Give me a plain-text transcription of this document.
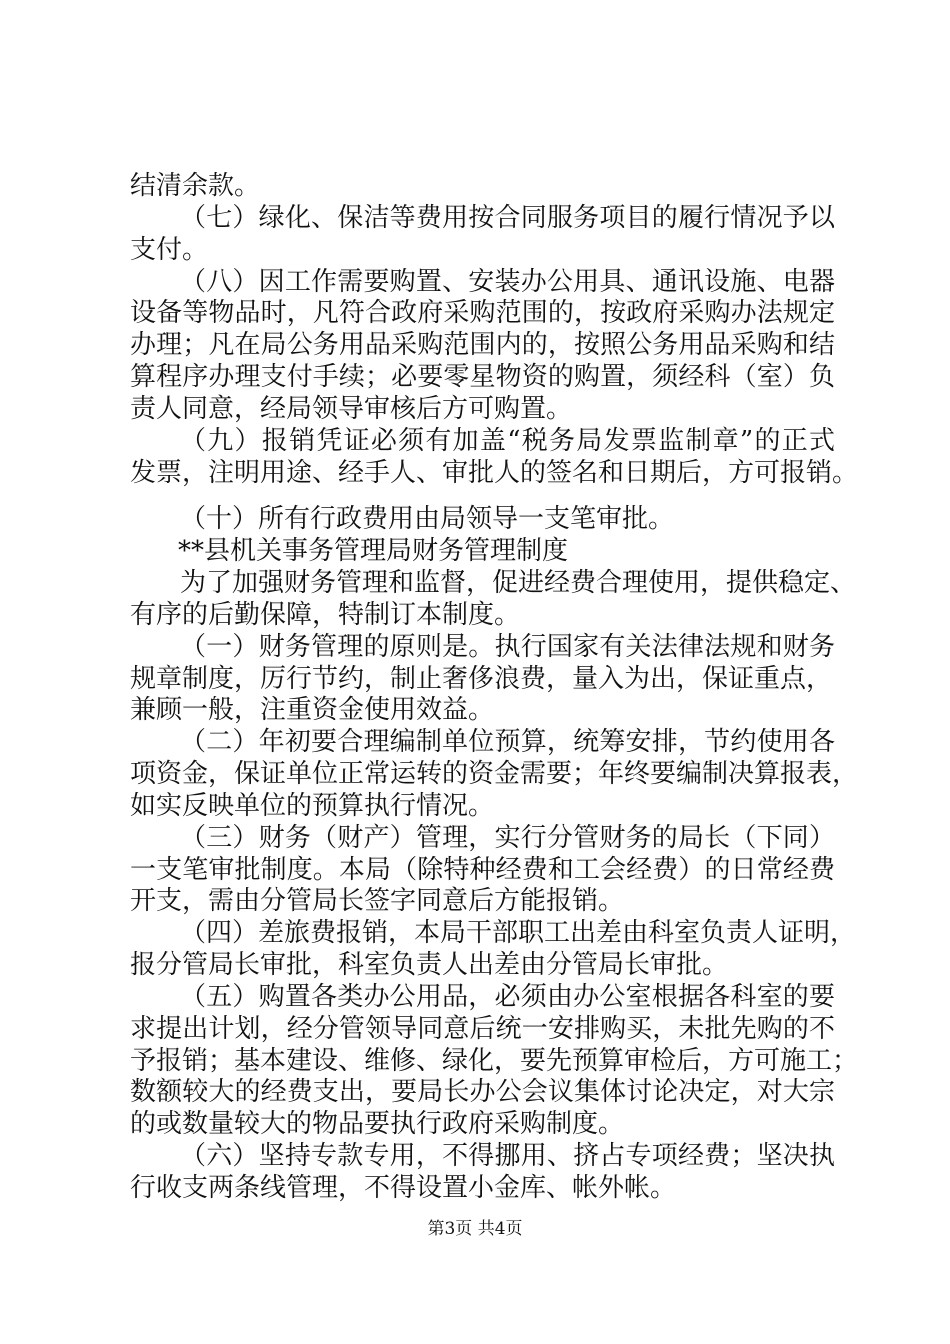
结清余款。
（七）绿化、保洁等费用按合同服务项目的履行情况予以
支付。
（八）因工作需要购置、安装办公用具、通讯设施、电器
设备等物品时，凡符合政府采购范围的，按政府采购办法规定
办理；凡在局公务用品采购范围内的，按照公务用品采购和结
算程序办理支付手续；必要零星物资的购置，须经科（室）负
责人同意，经局领导审核后方可购置。
（九）报销凭证必须有加盖“税务局发票监制章”的正式
发票，注明用途、经手人、审批人的签名和日期后，方可报销。
（十）所有行政费用由局领导一支笔审批。
**县机关事务管理局财务管理制度
为了加强财务管理和监督，促进经费合理使用，提供稳定、
有序的后勤保障，特制订本制度。
（一）财务管理的原则是。执行国家有关法律法规和财务
规章制度，厉行节约，制止奢侈浪费，量入为出，保证重点，
兼顾一般，注重资金使用效益。
（二）年初要合理编制单位预算，统筹安排，节约使用各
项资金，保证单位正常运转的资金需要；年终要编制决算报表，
如实反映单位的预算执行情况。
（三）财务（财产）管理，实行分管财务的局长（下同）
一支笔审批制度。本局（除特种经费和工会经费）的日常经费
开支，需由分管局长签字同意后方能报销。
（四）差旅费报销，本局干部职工出差由科室负责人证明，
报分管局长审批，科室负责人出差由分管局长审批。
（五）购置各类办公用品，必须由办公室根据各科室的要
求提出计划，经分管领导同意后统一安排购买，未批先购的不
予报销；基本建设、维修、绿化，要先预算审检后，方可施工；
数额较大的经费支出，要局长办公会议集体讨论决定，对大宗
的或数量较大的物品要执行政府采购制度。
（六）坚持专款专用，不得挪用、挤占专项经费；坚决执
行收支两条线管理，不得设置小金库、帐外帐。
第3页 共4页
